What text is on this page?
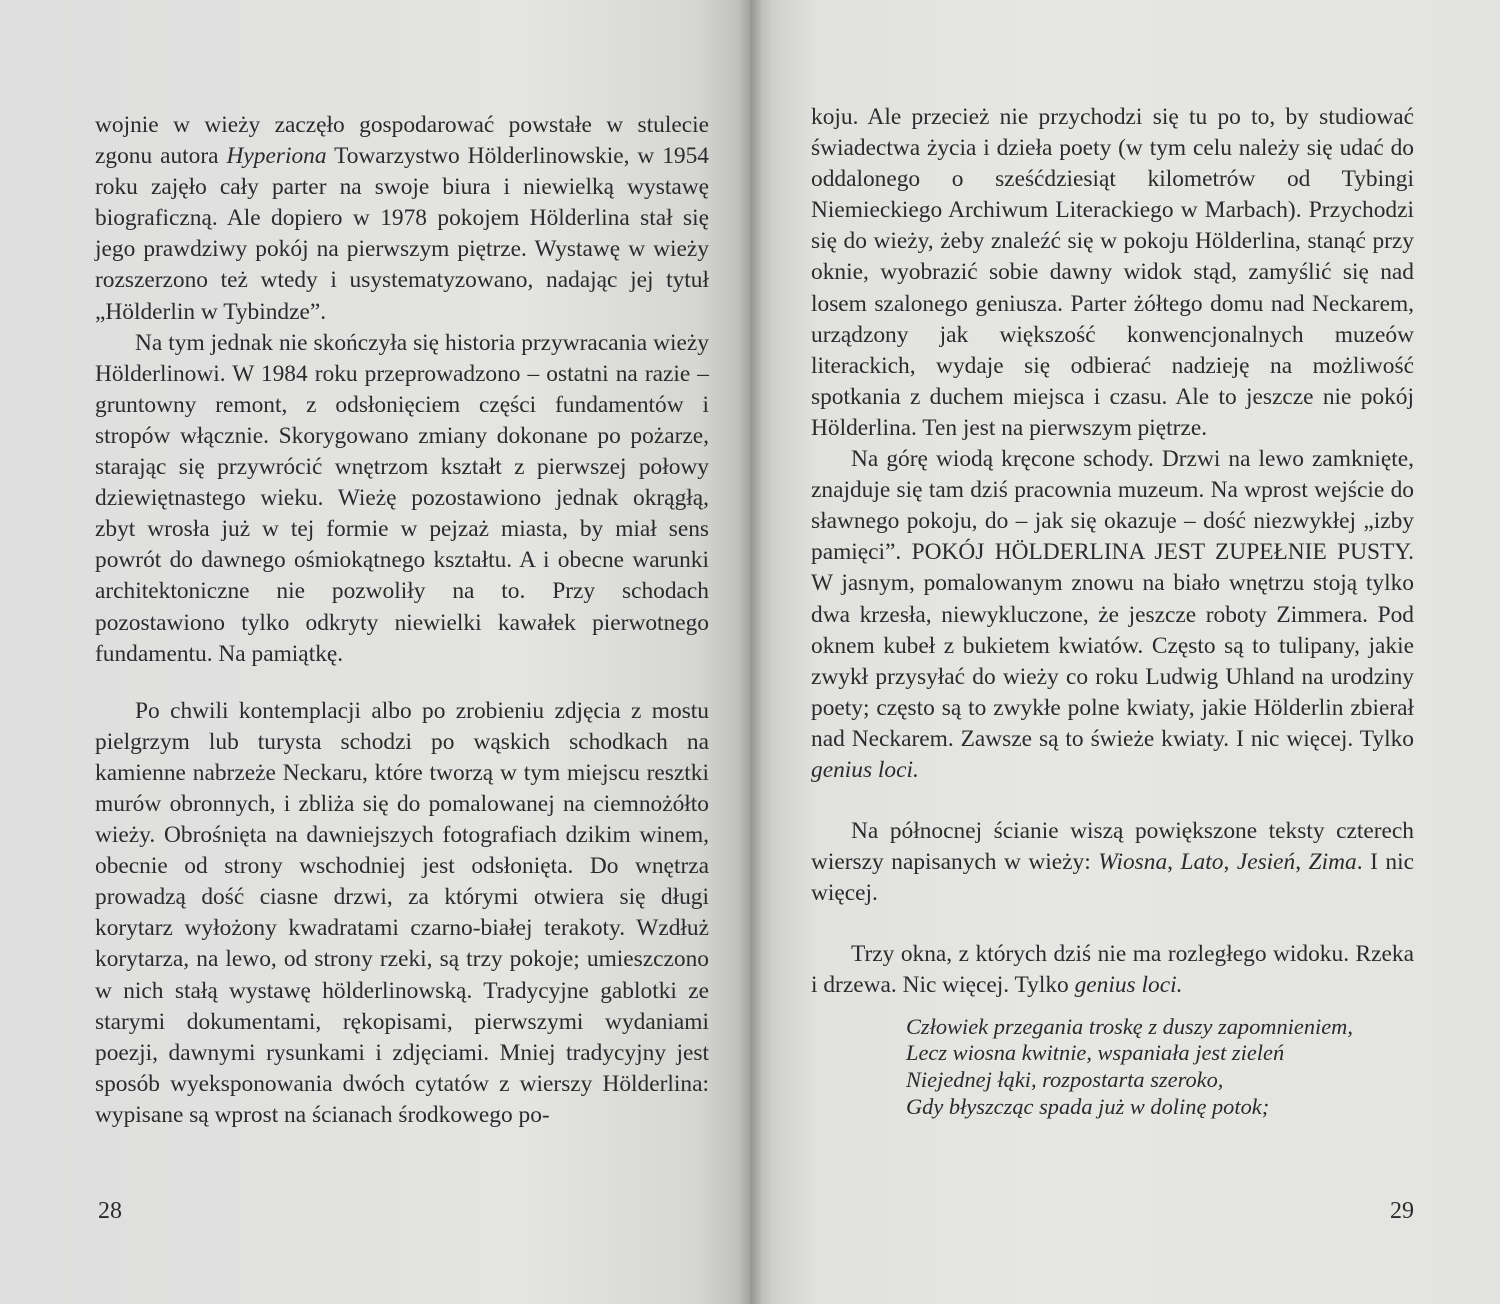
wojnie w wieży zaczęło gospodarować powstałe w stulecie zgonu autora Hyperiona Towarzystwo Hölderlinowskie, w 1954 roku zajęło cały parter na swoje biura i niewielką wystawę biograficzną. Ale dopiero w 1978 pokojem Hölderlina stał się jego prawdziwy pokój na pierwszym piętrze. Wystawę w wieży rozszerzono też wtedy i usystematyzowano, nadając jej tytuł „Hölderlin w Tybindze”.

Na tym jednak nie skończyła się historia przywracania wieży Hölderlinowi. W 1984 roku przeprowadzono – ostatni na razie – gruntowny remont, z odsłonięciem części fundamentów i stropów włącznie. Skorygowano zmiany dokonane po pożarze, starając się przywrócić wnętrzom kształt z pierwszej połowy dziewiętnastego wieku. Wieżę pozostawiono jednak okrągłą, zbyt wrosła już w tej formie w pejzaż miasta, by miał sens powrót do dawnego ośmiokątnego kształtu. A i obecne warunki architektoniczne nie pozwoliły na to. Przy schodach pozostawiono tylko odkryty niewielki kawałek pierwotnego fundamentu. Na pamiątkę.

Po chwili kontemplacji albo po zrobieniu zdjęcia z mostu pielgrzym lub turysta schodzi po wąskich schodkach na kamienne nabrzeże Neckaru, które tworzą w tym miejscu resztki murów obronnych, i zbliża się do pomalowanej na ciemnożółto wieży. Obrośnięta na dawniejszych fotografiach dzikim winem, obecnie od strony wschodniej jest odsłonięta. Do wnętrza prowadzą dość ciasne drzwi, za którymi otwiera się długi korytarz wyłożony kwadratami czarno-białej terakoty. Wzdłuż korytarza, na lewo, od strony rzeki, są trzy pokoje; umieszczono w nich stałą wystawę hölderlinowską. Tradycyjne gablotki ze starymi dokumentami, rękopisami, pierwszymi wydaniami poezji, dawnymi rysunkami i zdjęciami. Mniej tradycyjny jest sposób wyeksponowania dwóch cytatów z wierszy Hölderlina: wypisane są wprost na ścianach środkowego po-

28

koju. Ale przecież nie przychodzi się tu po to, by studiować świadectwa życia i dzieła poety (w tym celu należy się udać do oddalonego o sześćdziesiąt kilometrów od Tybingi Niemieckiego Archiwum Literackiego w Marbach). Przychodzi się do wieży, żeby znaleźć się w pokoju Hölderlina, stanąć przy oknie, wyobrazić sobie dawny widok stąd, zamyślić się nad losem szalonego geniusza. Parter żółtego domu nad Neckarem, urządzony jak większość konwencjonalnych muzeów literackich, wydaje się odbierać nadzieję na możliwość spotkania z duchem miejsca i czasu. Ale to jeszcze nie pokój Hölderlina. Ten jest na pierwszym piętrze.

Na górę wiodą kręcone schody. Drzwi na lewo zamknięte, znajduje się tam dziś pracownia muzeum. Na wprost wejście do sławnego pokoju, do – jak się okazuje – dość niezwykłej „izby pamięci”. POKÓJ HÖLDERLINA JEST ZUPEŁNIE PUSTY. W jasnym, pomalowanym znowu na biało wnętrzu stoją tylko dwa krzesła, niewykluczone, że jeszcze roboty Zimmera. Pod oknem kubeł z bukietem kwiatów. Często są to tulipany, jakie zwykł przysyłać do wieży co roku Ludwig Uhland na urodziny poety; często są to zwykłe polne kwiaty, jakie Hölderlin zbierał nad Neckarem. Zawsze są to świeże kwiaty. I nic więcej. Tylko genius loci.

Na północnej ścianie wiszą powiększone teksty czterech wierszy napisanych w wieży: Wiosna, Lato, Jesień, Zima. I nic więcej.

Trzy okna, z których dziś nie ma rozległego widoku. Rzeka i drzewa. Nic więcej. Tylko genius loci.

Człowiek przegania troskę z duszy zapomnieniem,
Lecz wiosna kwitnie, wspaniała jest zieleń
Niejednej łąki, rozpostarta szeroko,
Gdy błyszcząc spada już w dolinę potok;
29
